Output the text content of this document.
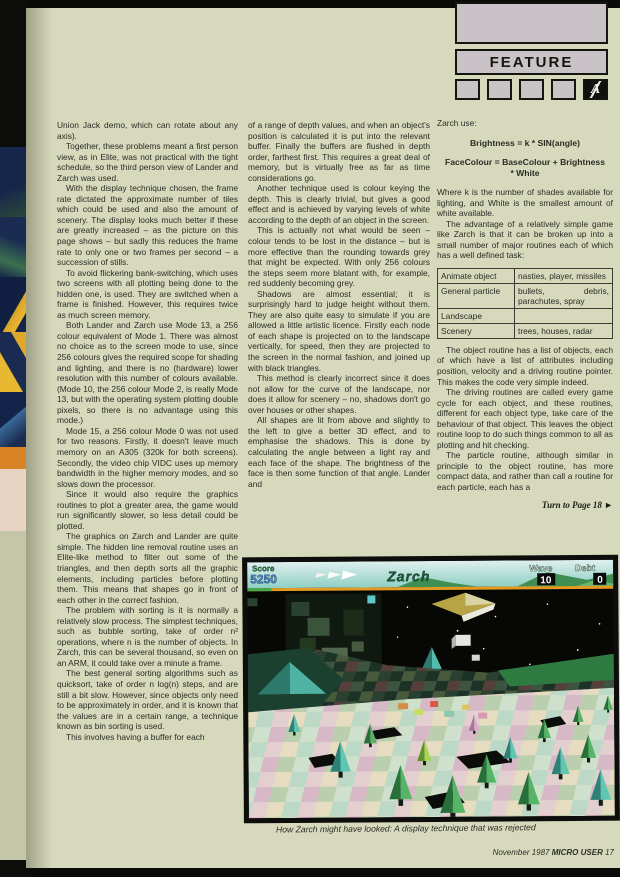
FEATURE
A

Union Jack demo, which can rotate about any axis).

Together, these problems meant a first person view, as in Elite, was not practical with the tight schedule, so the third person view of Lander and Zarch was used.

With the display technique chosen, the frame rate dictated the approximate number of tiles which could be used and also the amount of scenery. The display looks much better if these are greatly increased – as the picture on this page shows – but sadly this reduces the frame rate to only one or two frames per second – a succession of stills.

To avoid flickering bank-switching, which uses two screens with all plotting being done to the hidden one, is used. They are switched when a frame is finished. However, this requires twice as much screen memory.

Both Lander and Zarch use Mode 13, a 256 colour equivalent of Mode 1. There was almost no choice as to the screen mode to use, since 256 colours gives the required scope for shading and lighting, and there is no (hardware) lower resolution with this number of colours available. (Mode 10, the 256 colour Mode 2, is really Mode 13, but with the operating system plotting double pixels, so there is no advantage using this mode.)

Mode 15, a 256 colour Mode 0 was not used for two reasons. Firstly, it doesn't leave much memory on an A305 (320k for both screens). Secondly, the video chip VIDC uses up memory bandwidth in the higher memory modes, and so slows down the processor.

Since it would also require the graphics routines to plot a greater area, the game would run significantly slower, so less detail could be plotted.

The graphics on Zarch and Lander are quite simple. The hidden line removal routine uses an Elite-like method to filter out some of the triangles, and then depth sorts all the graphic elements, including particles before plotting them. This means that shapes go in front of each other in the correct fashion.

The problem with sorting is it is normally a relatively slow process. The simplest techniques, such as bubble sorting, take of order n² operations, where n is the number of objects. In Zarch, this can be several thousand, so even on an ARM, it could take over a minute a frame.

The best general sorting algorithms such as quicksort, take of order n log(n) steps, and are still a bit slow. However, since objects only need to be approximately in order, and it is known that the values are in a certain range, a technique known as bin sorting is used.

This involves having a buffer for each

of a range of depth values, and when an object's position is calculated it is put into the relevant buffer. Finally the buffers are flushed in depth order, farthest first. This requires a great deal of memory, but is virtually free as far as time considerations go.

Another technique used is colour keying the depth. This is clearly trivial, but gives a good effect and is achieved by varying levels of white according to the depth of an object in the screen.

This is actually not what would be seen – colour tends to be lost in the distance – but is more effective than the rounding towards grey that might be expected. With only 256 colours the steps seem more blatant with, for example, red suddenly becoming grey.

Shadows are almost essential; it is surprisingly hard to judge height without them. They are also quite easy to simulate if you are allowed a little artistic licence. Firstly each node of each shape is projected on to the landscape vertically, for speed, then they are projected to the screen in the normal fashion, and joined up with black triangles.

This method is clearly incorrect since it does not allow for the curve of the landscape, nor does it allow for scenery – no, shadows don't go over houses or other shapes.

All shapes are lit from above and slightly to the left to give a better 3D effect, and to emphasise the shadows. This is done by calculating the angle between a light ray and each face of the shape. The brightness of the face is then some function of that angle. Lander and

Zarch use:

Brightness = k * SIN(angle)

FaceColour = BaseColour + Brightness * White

Where k is the number of shades available for lighting, and White is the smallest amount of white available.

The advantage of a relatively simple game like Zarch is that it can be broken up into a small number of major routines each of which has a well defined task:

Animate object	nasties, player, missiles
General particle	bullets, debris, parachutes, spray
Landscape	
Scenery	trees, houses, radar

The object routine has a list of objects, each of which have a list of attributes including position, velocity and a driving routine pointer. This makes the code very simple indeed.

The driving routines are called every game cycle for each object, and these routines, different for each object type, take care of the behaviour of that object. This leaves the object routine loop to do such things common to all as plotting and hit checking.

The particle routine, although similar in principle to the object routine, has more compact data, and rather than call a routine for each particle, each has a

Turn to Page 18 ►
Score
5250	Zarch	Wave
10
Debt
0
How Zarch might have looked: A display technique that was rejected
November 1987 MICRO USER 17
